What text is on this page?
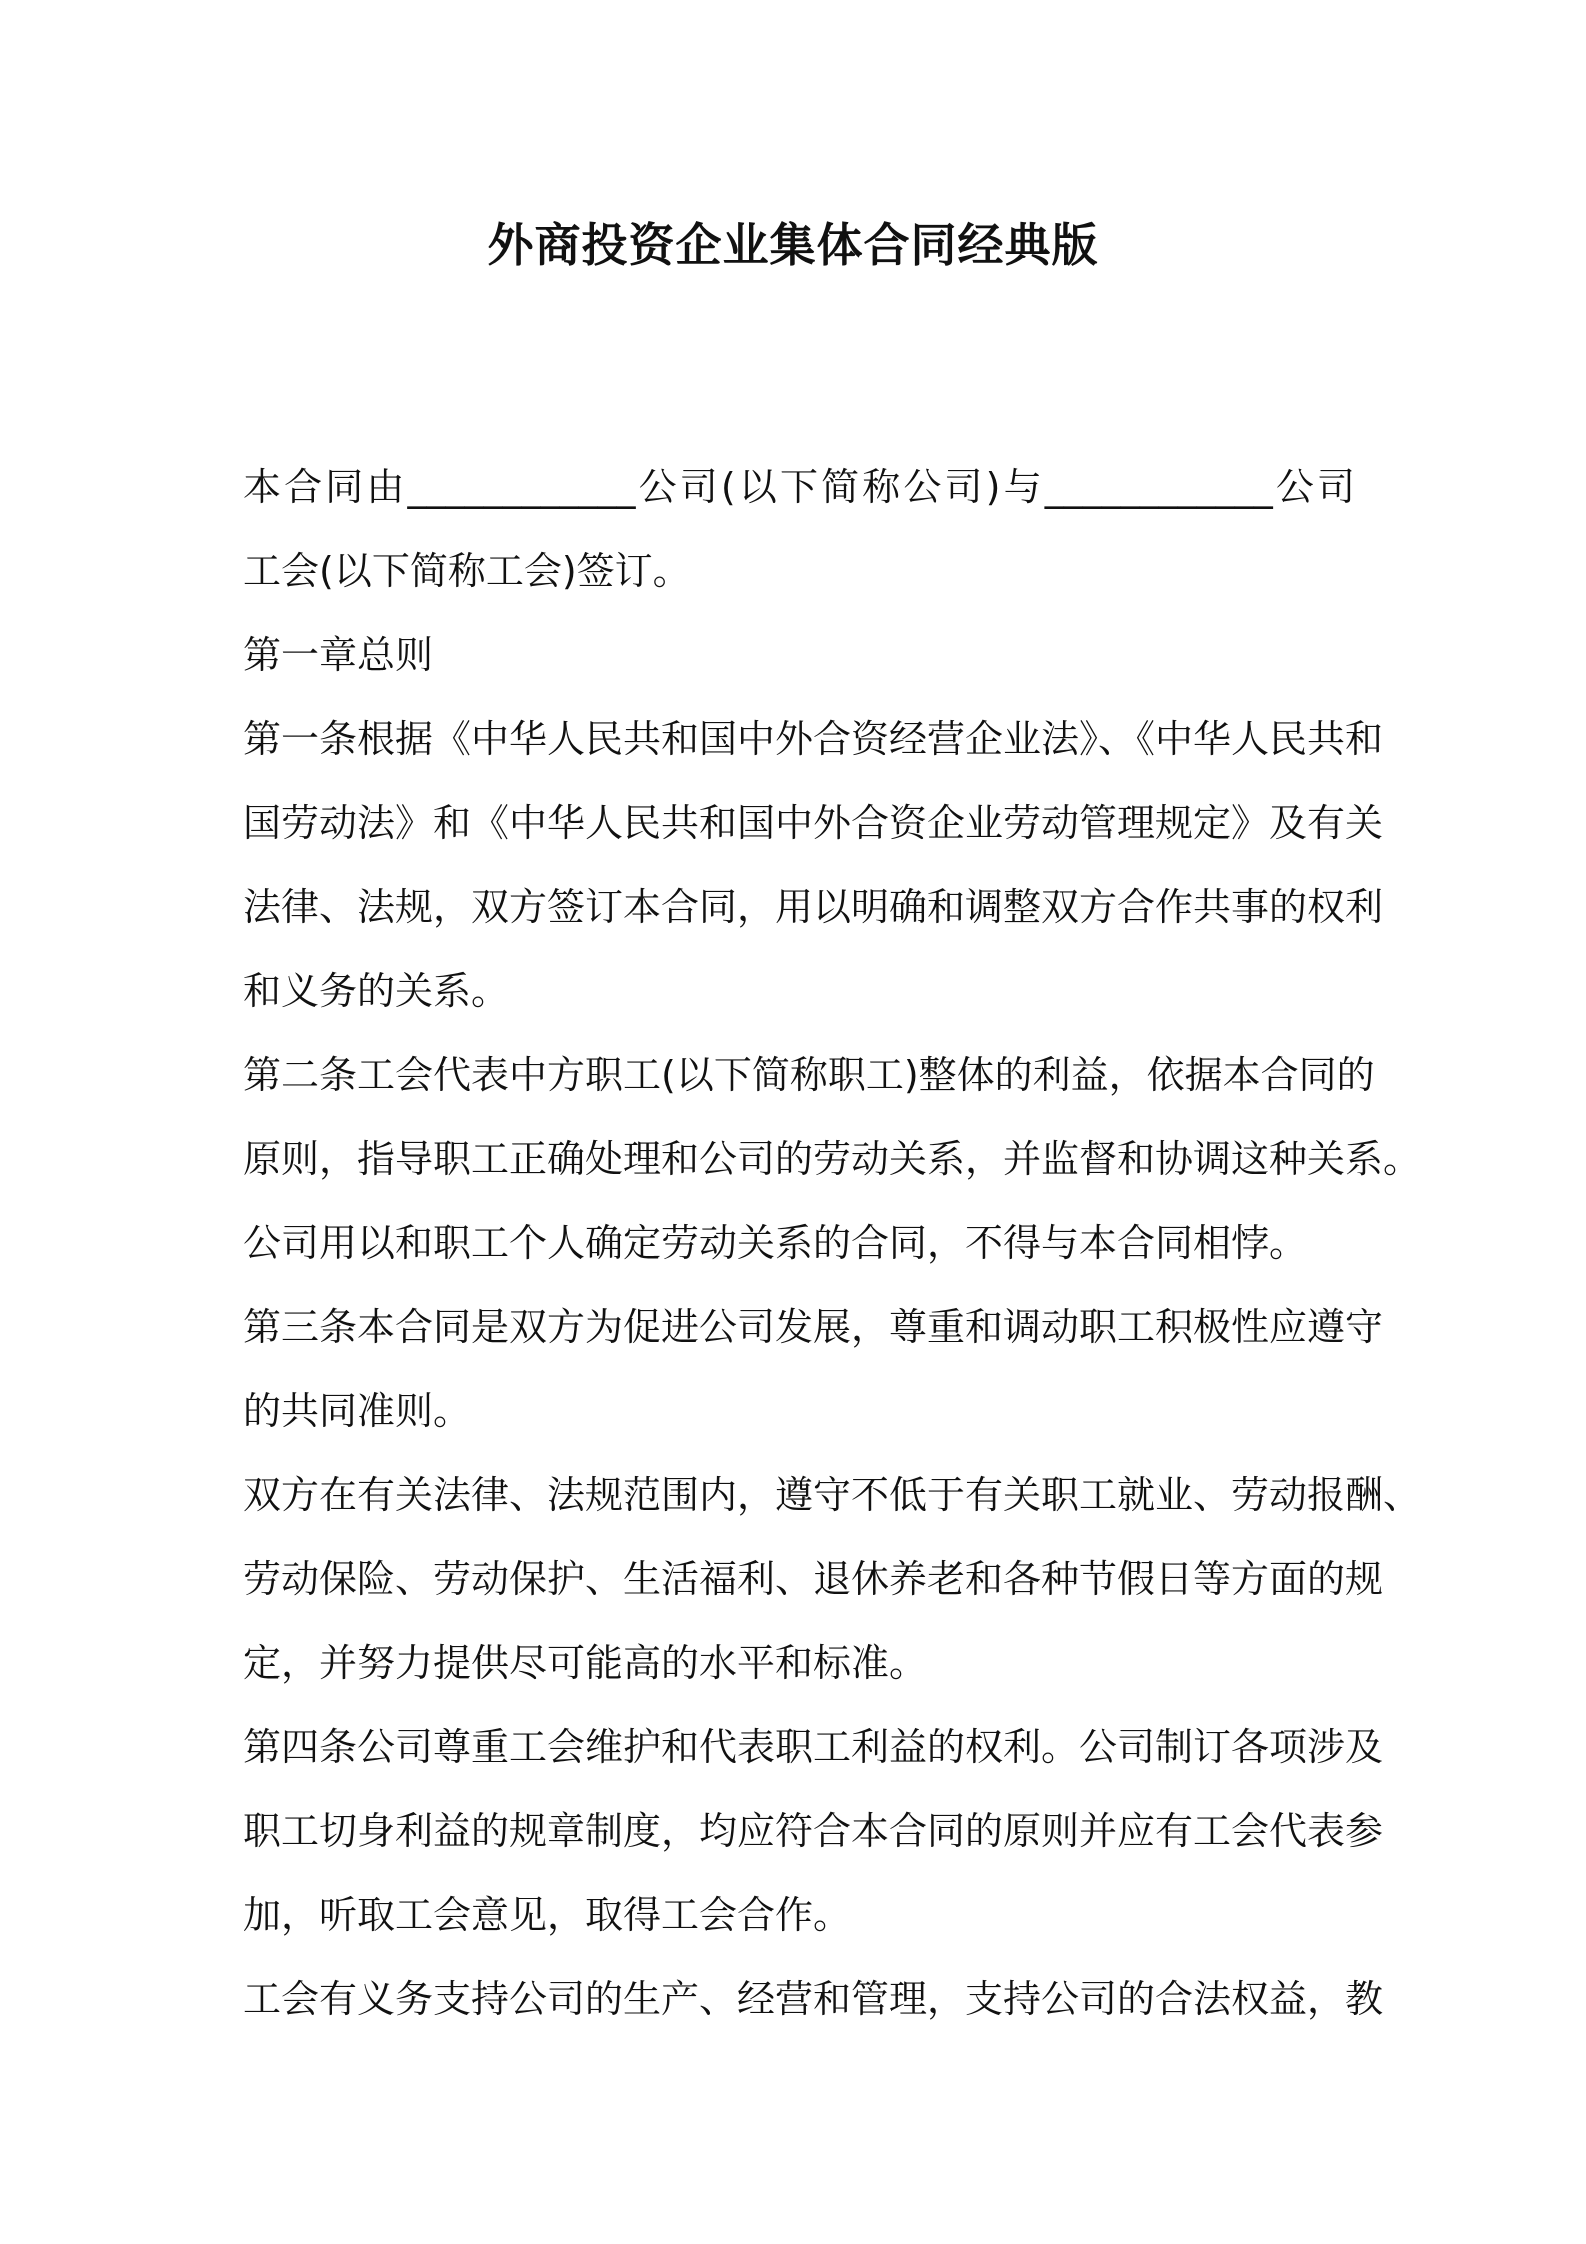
外商投资企业集体合同经典版
本合同由____________公司(以下简称公司)与____________公司
工会(以下简称工会)签订。
第一章总则
第一条根据《中华人民共和国中外合资经营企业法》、《中华人民共和
国劳动法》和《中华人民共和国中外合资企业劳动管理规定》及有关
法律、法规，双方签订本合同，用以明确和调整双方合作共事的权利
和义务的关系。
第二条工会代表中方职工(以下简称职工)整体的利益，依据本合同的
原则，指导职工正确处理和公司的劳动关系，并监督和协调这种关系。
公司用以和职工个人确定劳动关系的合同，不得与本合同相悖。
第三条本合同是双方为促进公司发展，尊重和调动职工积极性应遵守
的共同准则。
双方在有关法律、法规范围内，遵守不低于有关职工就业、劳动报酬、
劳动保险、劳动保护、生活福利、退休养老和各种节假日等方面的规
定，并努力提供尽可能高的水平和标准。
第四条公司尊重工会维护和代表职工利益的权利。公司制订各项涉及
职工切身利益的规章制度，均应符合本合同的原则并应有工会代表参
加，听取工会意见，取得工会合作。
工会有义务支持公司的生产、经营和管理，支持公司的合法权益，教
